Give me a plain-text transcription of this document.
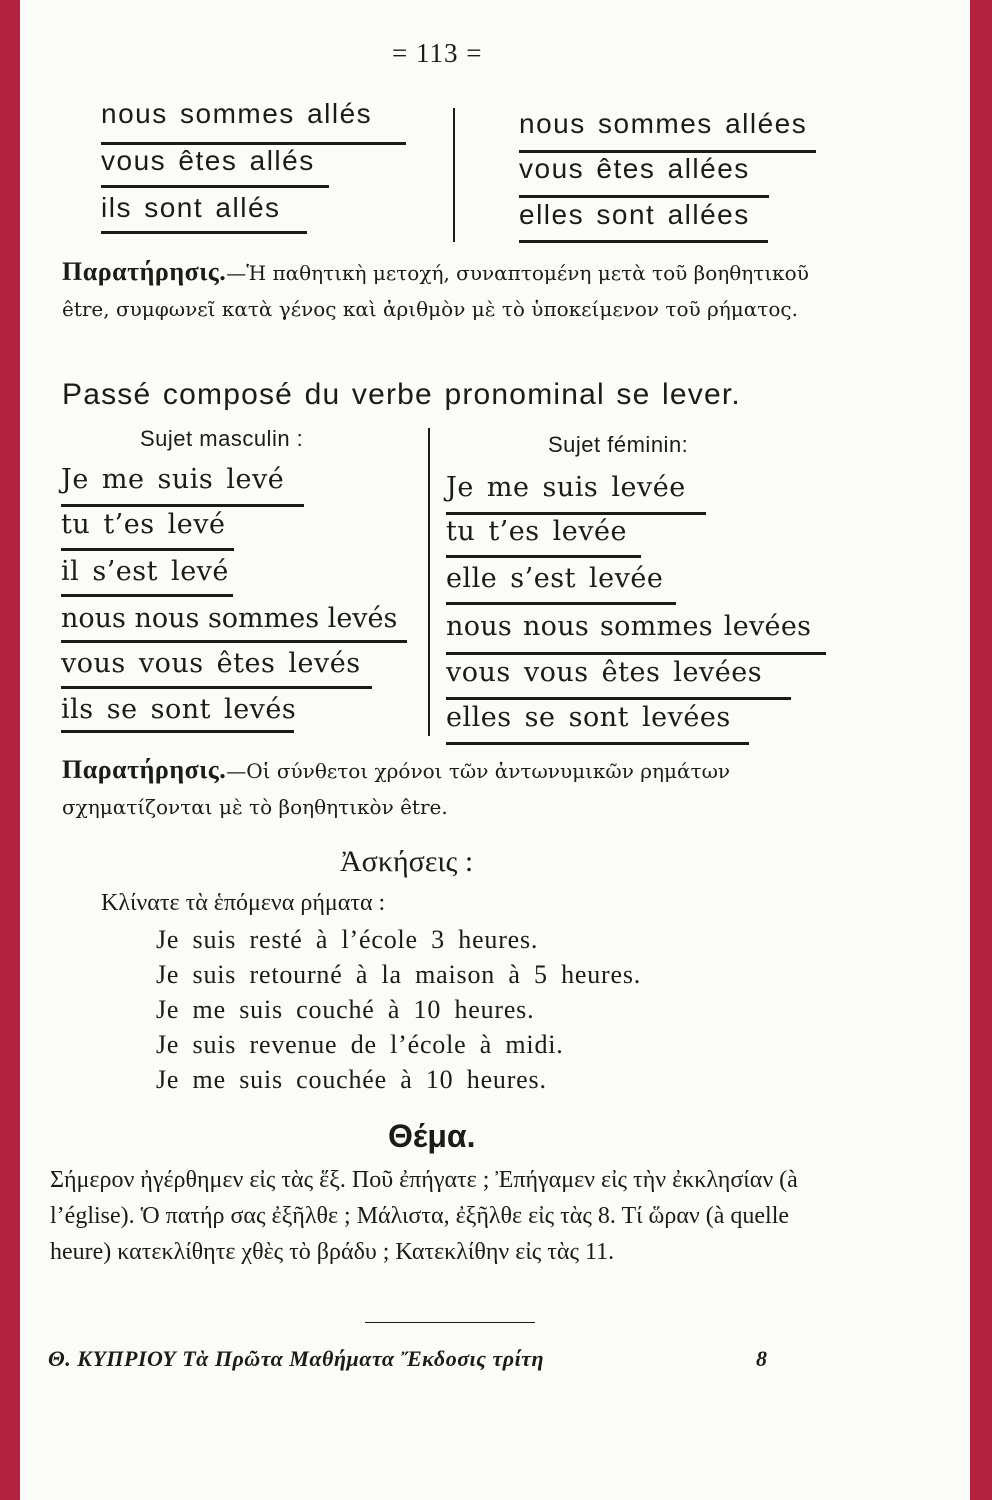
= 113 =
nous sommes allés
vous êtes allés
ils sont allés
nous sommes allées
vous êtes allées
elles sont allées
Παρατήρησις.—Ἡ παθητικὴ μετοχή, συναπτομένη μετὰ τοῦ βοηθητικοῦ être, συμφωνεῖ κατὰ γένος καὶ ἀριθμὸν μὲ τὸ ὑποκείμενον τοῦ ρήματος.
Passé composé du verbe pronominal se lever.
Sujet masculin :	Sujet féminin:
Je me suis levé
tu t’es levé
il s’est levé
nous nous sommes levés
vous vous êtes levés
ils se sont levés
Je me suis levée
tu t’es levée
elle s’est levée
nous nous sommes levées
vous vous êtes levées
elles se sont levées
Παρατήρησις.—Οἱ σύνθετοι χρόνοι τῶν ἀντωνυμικῶν ρημάτων σχηματίζονται μὲ τὸ βοηθητικὸν être.
Ἀσκήσεις :
Κλίνατε τὰ ἑπόμενα ρήματα :
Je suis resté à l’école 3 heures.
Je suis retourné à la maison à 5 heures.
Je me suis couché à 10 heures.
Je suis revenue de l’école à midi.
Je me suis couchée à 10 heures.
Θέμα.
Σήμερον ἠγέρθημεν εἰς τὰς ἕξ. Ποῦ ἐπήγατε ; Ἐπήγαμεν εἰς τὴν ἐκκλησίαν (à l’église). Ὁ πατήρ σας ἐξῆλθε ; Μάλιστα, ἐξῆλθε εἰς τὰς 8. Τί ὥραν (à quelle heure) κατεκλίθητε χθὲς τὸ βράδυ ; Κατεκλίθην εἰς τὰς 11.
Θ. ΚΥΠΡΙΟΥ Τὰ Πρῶτα Μαθήματα Ἔκδοσις τρίτη	8
